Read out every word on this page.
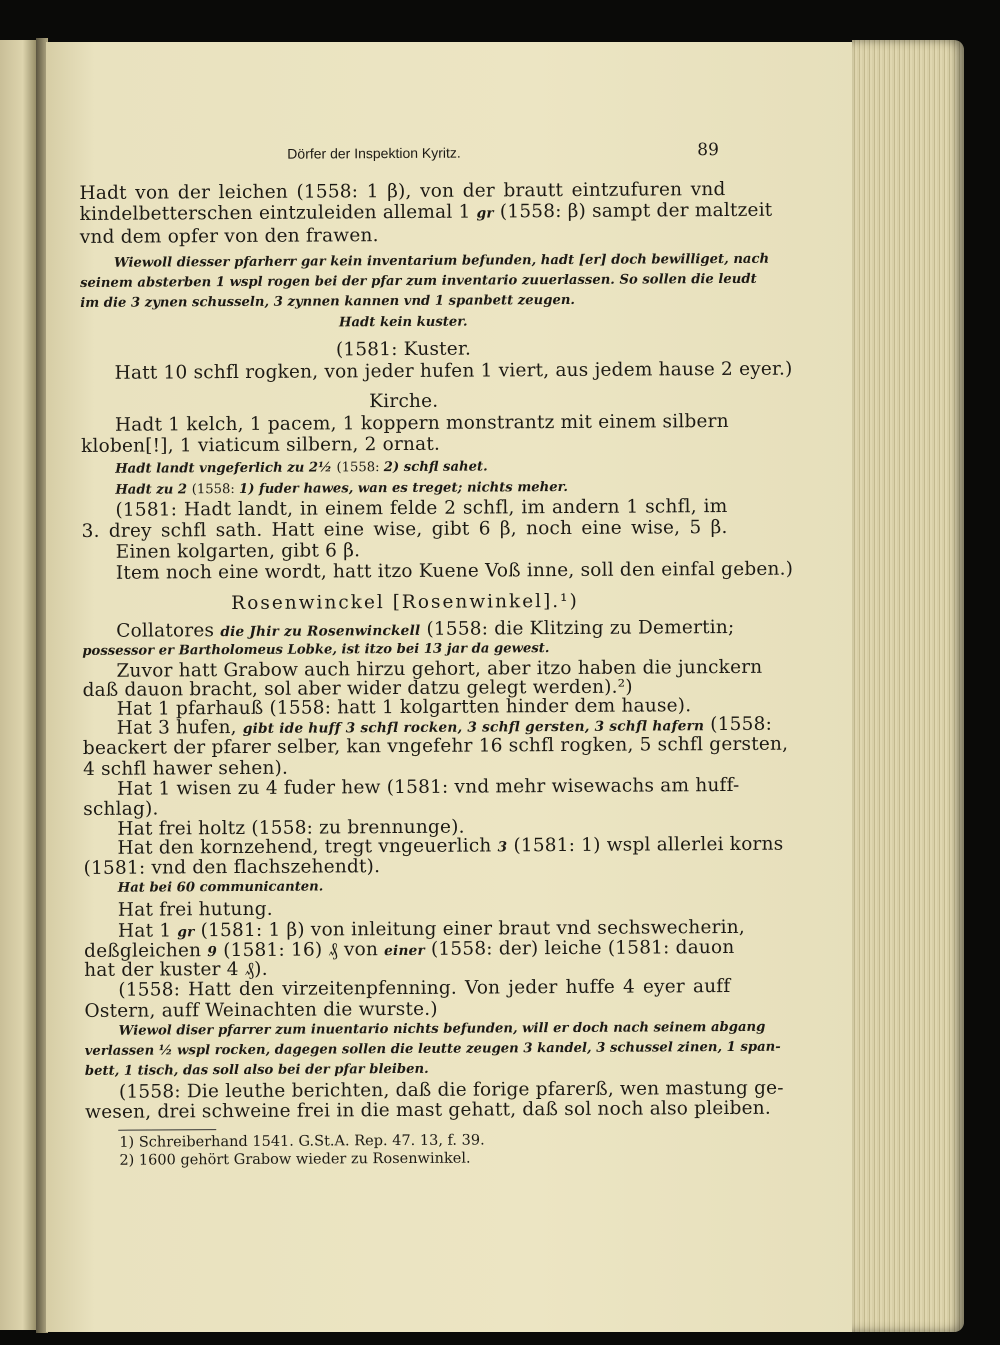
Dörfer der Inspektion Kyritz.	89
1) Schreiberhand 1541. G.St.A. Rep. 47. 13, f. 39.
2) 1600 gehört Grabow wieder zu Rosenwinkel.
Hadt von der leichen (1558: 1 β), von der brautt eintzufuren vnd
kindelbetterschen eintzuleiden allemal 1 gr (1558: β) sampt der maltzeit
vnd dem opfer von den frawen.
Wiewoll diesser pfarherr gar kein inventarium befunden, hadt [er] doch bewilliget, nach
seinem absterben 1 wspl rogen bei der pfar zum inventario zuuerlassen. So sollen die leudt
im die 3 zynen schusseln, 3 zynnen kannen vnd 1 spanbett zeugen.
Hadt kein kuster.
(1581: Kuster.
Hatt 10 schfl rogken, von jeder hufen 1 viert, aus jedem hause 2 eyer.)
Kirche.
Hadt 1 kelch, 1 pacem, 1 koppern monstrantz mit einem silbern
kloben[!], 1 viaticum silbern, 2 ornat.
Hadt landt vngeferlich zu 2½ (1558: 2) schfl sahet.
Hadt zu 2 (1558: 1) fuder hawes, wan es treget; nichts meher.
(1581: Hadt landt, in einem felde 2 schfl, im andern 1 schfl, im
3. drey schfl sath. Hatt eine wise, gibt 6 β, noch eine wise, 5 β.
Einen kolgarten, gibt 6 β.
Item noch eine wordt, hatt itzo Kuene Voß inne, soll den einfal geben.)
Rosenwinckel [Rosenwinkel].¹)
Collatores die Jhir zu Rosenwinckell (1558: die Klitzing zu Demertin;
possessor er Bartholomeus Lobke, ist itzo bei 13 jar da gewest.
Zuvor hatt Grabow auch hirzu gehort, aber itzo haben die junckern
daß dauon bracht, sol aber wider datzu gelegt werden).²)
Hat 1 pfarhauß (1558: hatt 1 kolgartten hinder dem hause).
Hat 3 hufen, gibt ide huff 3 schfl rocken, 3 schfl gersten, 3 schfl hafern (1558:
beackert der pfarer selber, kan vngefehr 16 schfl rogken, 5 schfl gersten,
4 schfl hawer sehen).
Hat 1 wisen zu 4 fuder hew (1581: vnd mehr wisewachs am huff-
schlag).
Hat frei holtz (1558: zu brennunge).
Hat den kornzehend, tregt vngeuerlich 3 (1581: 1) wspl allerlei korns
(1581: vnd den flachszehendt).
Hat bei 60 communicanten.
Hat frei hutung.
Hat 1 gr (1581: 1 β) von inleitung einer braut vnd sechswecherin,
deßgleichen 9 (1581: 16) ₰ von einer (1558: der) leiche (1581: dauon
hat der kuster 4 ₰).
(1558: Hatt den virzeitenpfenning. Von jeder huffe 4 eyer auff
Ostern, auff Weinachten die wurste.)
Wiewol diser pfarrer zum inuentario nichts befunden, will er doch nach seinem abgang
verlassen ½ wspl rocken, dagegen sollen die leutte zeugen 3 kandel, 3 schussel zinen, 1 span-
bett, 1 tisch, das soll also bei der pfar bleiben.
(1558: Die leuthe berichten, daß die forige pfarerß, wen mastung ge-
wesen, drei schweine frei in die mast gehatt, daß sol noch also pleiben.
